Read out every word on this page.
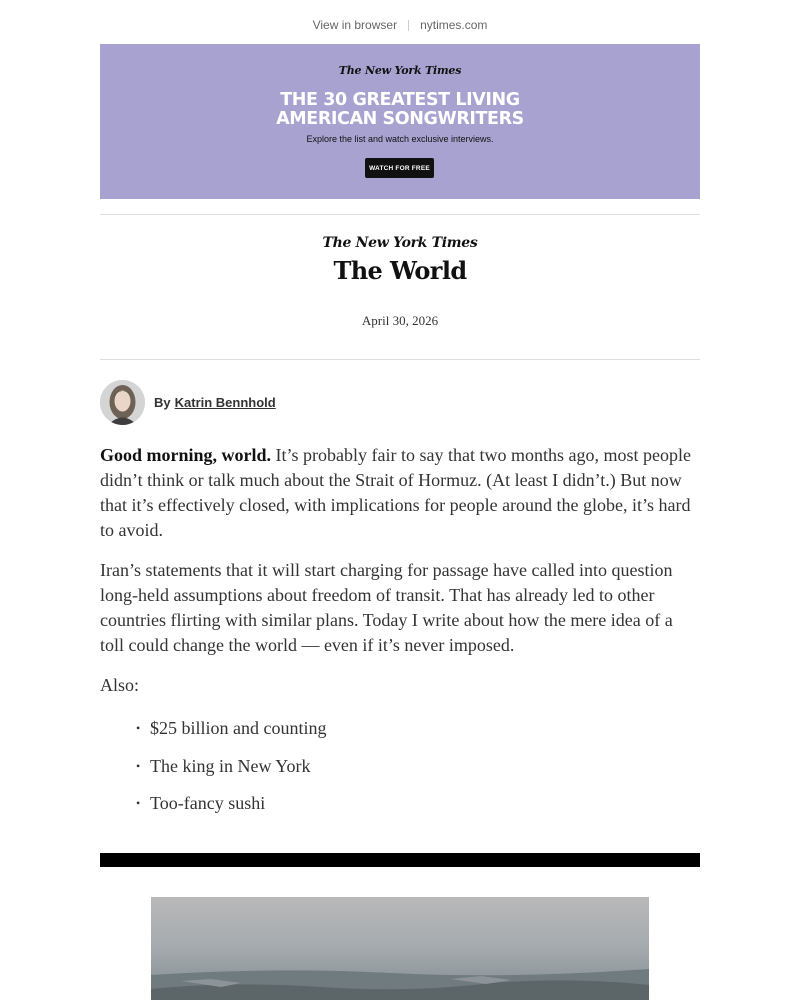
View in browser nytimes.com
The New York Times
THE 30 GREATEST LIVING
AMERICAN SONGWRITERS
Explore the list and watch exclusive interviews.
WATCH FOR FREE
The New York Times
The World
April 30, 2026
By Katrin Bennhold

Good morning, world. It’s probably fair to say that two months ago, most people didn’t think or talk much about the Strait of Hormuz. (At least I didn’t.) But now that it’s effectively closed, with implications for people around the globe, it’s hard to avoid.

Iran’s statements that it will start charging for passage have called into question long-held assumptions about freedom of transit. That has already led to other countries flirting with similar plans. Today I write about how the mere idea of a toll could change the world — even if it’s never imposed.

Also:

• $25 billion and counting
• The king in New York
• Too-fancy sushi
